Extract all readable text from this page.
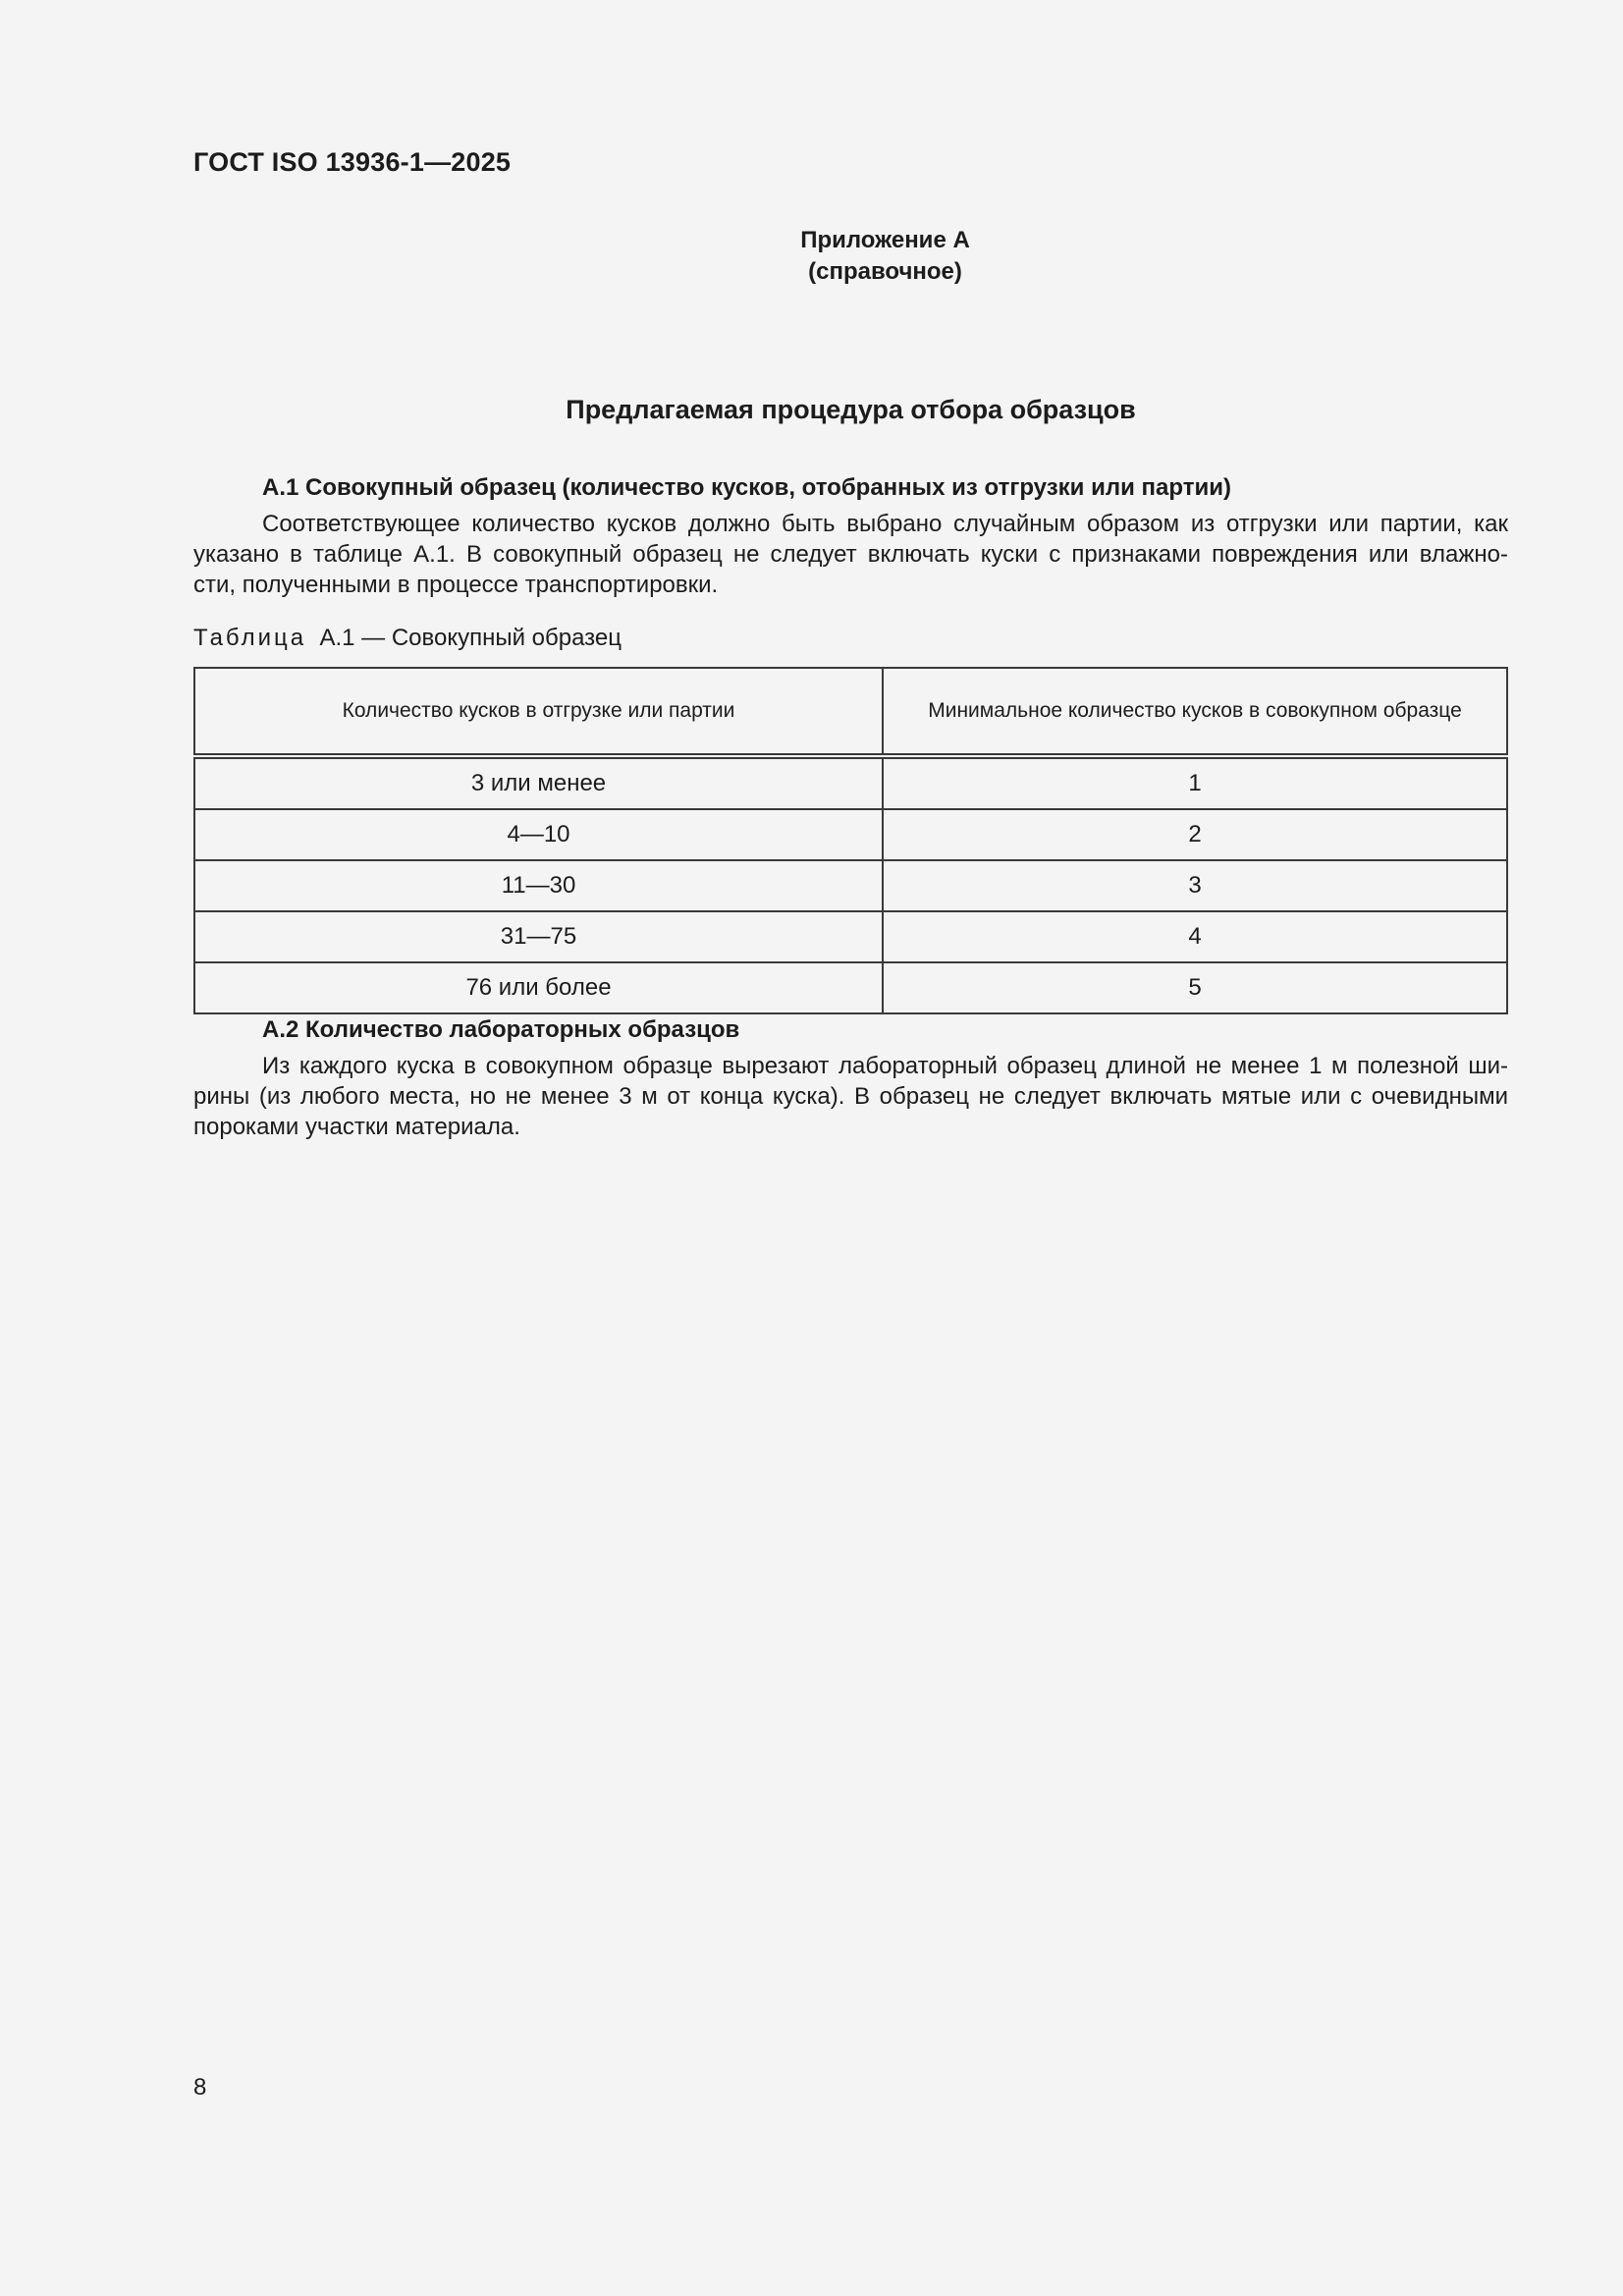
ГОСТ ISO 13936-1—2025
Приложение А
(справочное)
Предлагаемая процедура отбора образцов
А.1 Совокупный образец (количество кусков, отобранных из отгрузки или партии)
Соответствующее количество кусков должно быть выбрано случайным образом из отгрузки или партии, как
указано в таблице А.1. В совокупный образец не следует включать куски с признаками повреждения или влажно-
сти, полученными в процессе транспортировки.
Таблица А.1 — Совокупный образец
Количество кусков в отгрузке или партии	Минимальное количество кусков в совокупном образце
3 или менее	1
4—10	2
11—30	3
31—75	4
76 или более	5
А.2 Количество лабораторных образцов
Из каждого куска в совокупном образце вырезают лабораторный образец длиной не менее 1 м полезной ши-
рины (из любого места, но не менее 3 м от конца куска). В образец не следует включать мятые или с очевидными
пороками участки материала.
8
